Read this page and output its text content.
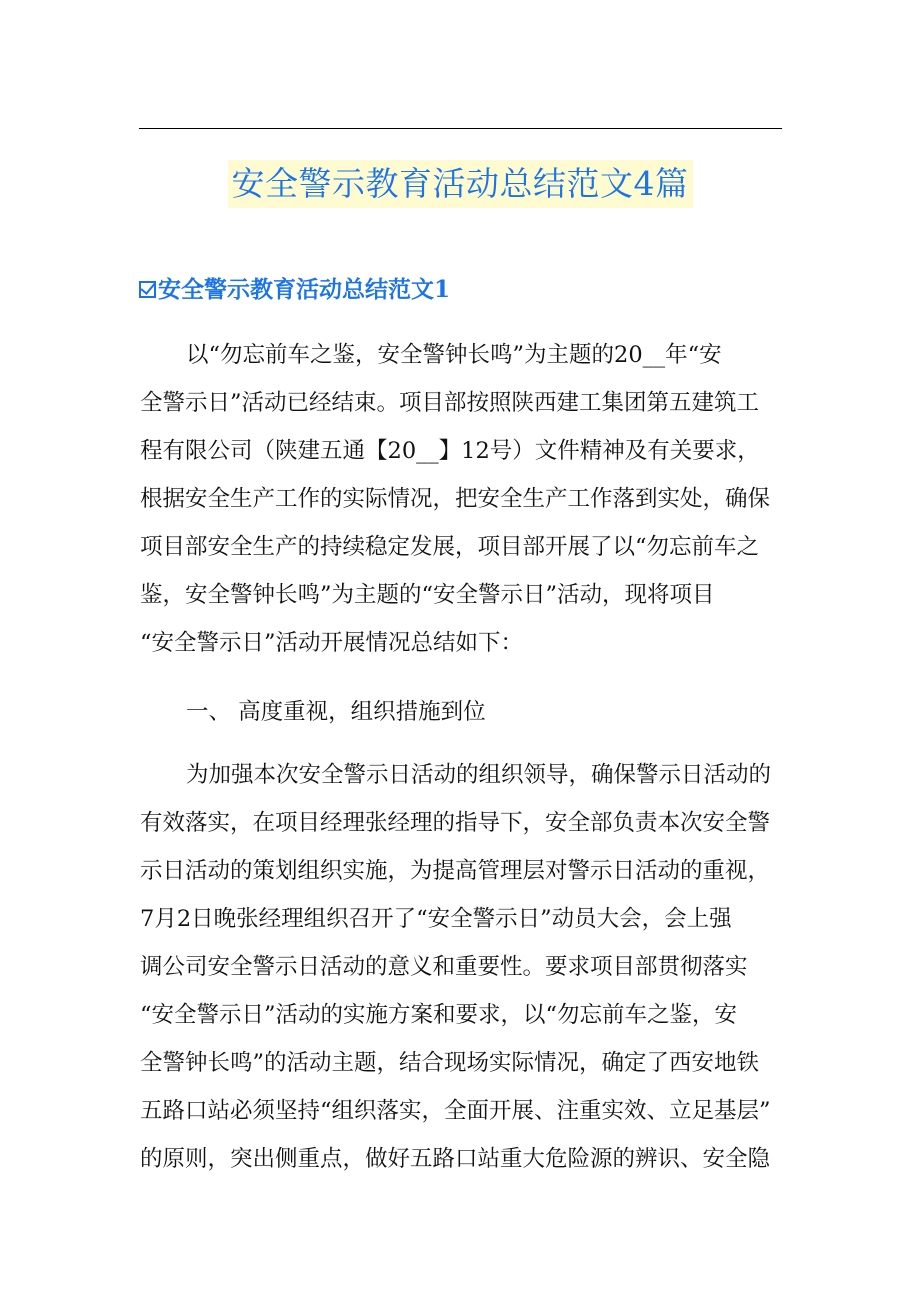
安全警示教育活动总结范文4篇
安全警示教育活动总结范文1
以“勿忘前车之鉴，安全警钟长鸣”为主题的20__年“安
全警示日”活动已经结束。项目部按照陕西建工集团第五建筑工
程有限公司（陕建五通【20__】12号）文件精神及有关要求，
根据安全生产工作的实际情况，把安全生产工作落到实处，确保
项目部安全生产的持续稳定发展，项目部开展了以“勿忘前车之
鉴，安全警钟长鸣”为主题的“安全警示日”活动，现将项目
“安全警示日”活动开展情况总结如下：
一、 高度重视，组织措施到位
为加强本次安全警示日活动的组织领导，确保警示日活动的
有效落实，在项目经理张经理的指导下，安全部负责本次安全警
示日活动的策划组织实施，为提高管理层对警示日活动的重视，
7月2日晚张经理组织召开了“安全警示日”动员大会，会上强
调公司安全警示日活动的意义和重要性。要求项目部贯彻落实
“安全警示日”活动的实施方案和要求，以“勿忘前车之鉴，安
全警钟长鸣”的活动主题，结合现场实际情况，确定了西安地铁
五路口站必须坚持“组织落实，全面开展、注重实效、立足基层”
的原则，突出侧重点，做好五路口站重大危险源的辨识、安全隐
